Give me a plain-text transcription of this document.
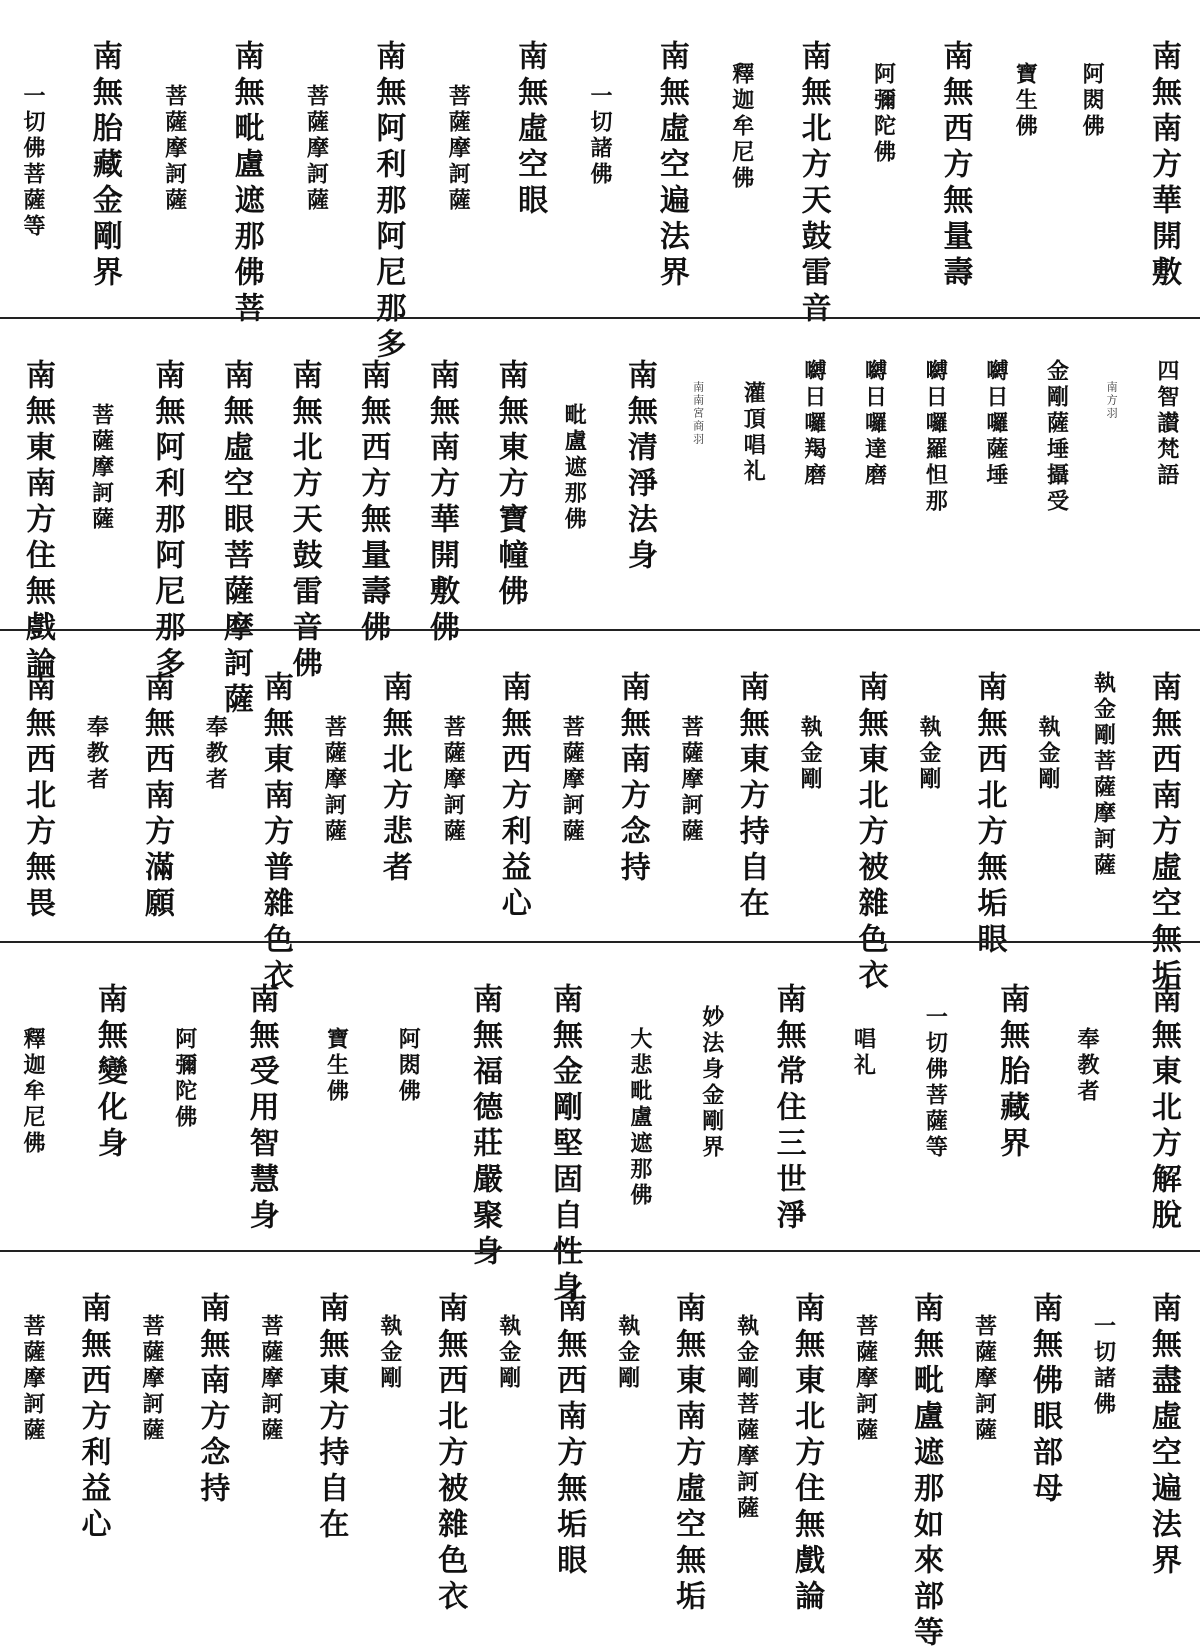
南無南方華開敷
阿閦佛
寶生佛
南無西方無量壽
阿彌陀佛
南無北方天鼓雷音
釋迦牟尼佛
南無虛空遍法界
一切諸佛
南無虛空眼
菩薩摩訶薩
南無阿利那阿尼那多
菩薩摩訶薩
南無毗盧遮那佛菩
菩薩摩訶薩
南無胎藏金剛界
一切佛菩薩等
四智讃梵語
南方羽
金剛薩埵攝受
嚩日囉薩埵
嚩日囉羅怛那
嚩日囉達磨
嚩日囉羯磨
灌頂唱礼
南南宮商羽
南無清淨法身
毗盧遮那佛
南無東方寶幢佛
南無南方華開敷佛
南無西方無量壽佛
南無北方天鼓雷音佛
南無虛空眼菩薩摩訶薩
南無阿利那阿尼那多
菩薩摩訶薩
南無東南方住無戲論
南無西南方虛空無垢
執金剛菩薩摩訶薩
執金剛
南無西北方無垢眼
執金剛
南無東北方被雜色衣
執金剛
南無東方持自在
菩薩摩訶薩
南無南方念持
菩薩摩訶薩
南無西方利益心
菩薩摩訶薩
南無北方悲者
菩薩摩訶薩
南無東南方普雜色衣
奉教者
南無西南方滿願
奉教者
南無西北方無畏
南無東北方解脫
奉教者
南無胎藏界
一切佛菩薩等
唱礼
南無常住三世淨
妙法身金剛界
大悲毗盧遮那佛
南無金剛堅固自性身
南無福德莊嚴聚身
阿閦佛
寶生佛
南無受用智慧身
阿彌陀佛
南無變化身
釋迦牟尼佛
南無盡虛空遍法界
一切諸佛
南無佛眼部母
菩薩摩訶薩
南無毗盧遮那如來部等
菩薩摩訶薩
南無東北方住無戲論
執金剛菩薩摩訶薩
南無東南方虛空無垢
執金剛
南無西南方無垢眼
執金剛
南無西北方被雜色衣
執金剛
南無東方持自在
菩薩摩訶薩
南無南方念持
菩薩摩訶薩
南無西方利益心
菩薩摩訶薩
